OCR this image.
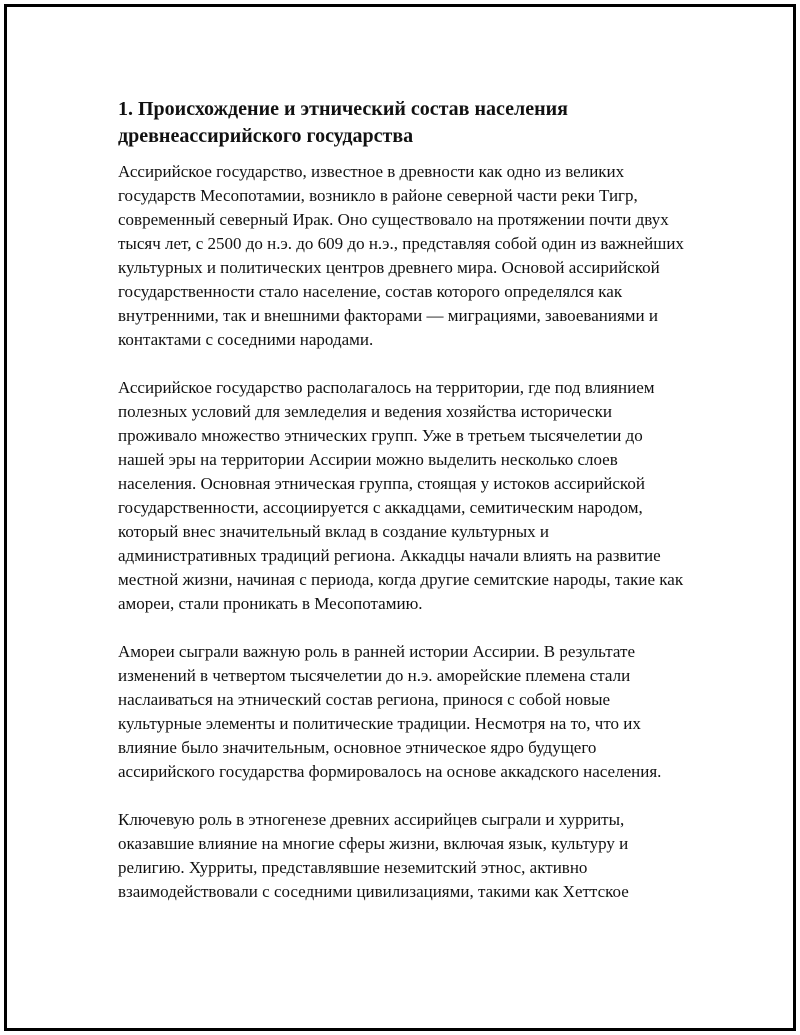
1. Происхождение и этнический состав населения древнеассирийского государства

Ассирийское государство, известное в древности как одно из великих государств Месопотамии, возникло в районе северной части реки Тигр, современный северный Ирак. Оно существовало на протяжении почти двух тысяч лет, с 2500 до н.э. до 609 до н.э., представляя собой один из важнейших культурных и политических центров древнего мира. Основой ассирийской государственности стало население, состав которого определялся как внутренними, так и внешними факторами — миграциями, завоеваниями и контактами с соседними народами.

Ассирийское государство располагалось на территории, где под влиянием полезных условий для земледелия и ведения хозяйства исторически проживало множество этнических групп. Уже в третьем тысячелетии до нашей эры на территории Ассирии можно выделить несколько слоев населения. Основная этническая группа, стоящая у истоков ассирийской государственности, ассоциируется с аккадцами, семитическим народом, который внес значительный вклад в создание культурных и административных традиций региона. Аккадцы начали влиять на развитие местной жизни, начиная с периода, когда другие семитские народы, такие как амореи, стали проникать в Месопотамию.

Амореи сыграли важную роль в ранней истории Ассирии. В результате изменений в четвертом тысячелетии до н.э. аморейские племена стали наслаиваться на этнический состав региона, принося с собой новые культурные элементы и политические традиции. Несмотря на то, что их влияние было значительным, основное этническое ядро будущего ассирийского государства формировалось на основе аккадского населения.

Ключевую роль в этногенезе древних ассирийцев сыграли и хурриты, оказавшие влияние на многие сферы жизни, включая язык, культуру и религию. Хурриты, представлявшие неземитский этнос, активно взаимодействовали с соседними цивилизациями, такими как Хеттское
